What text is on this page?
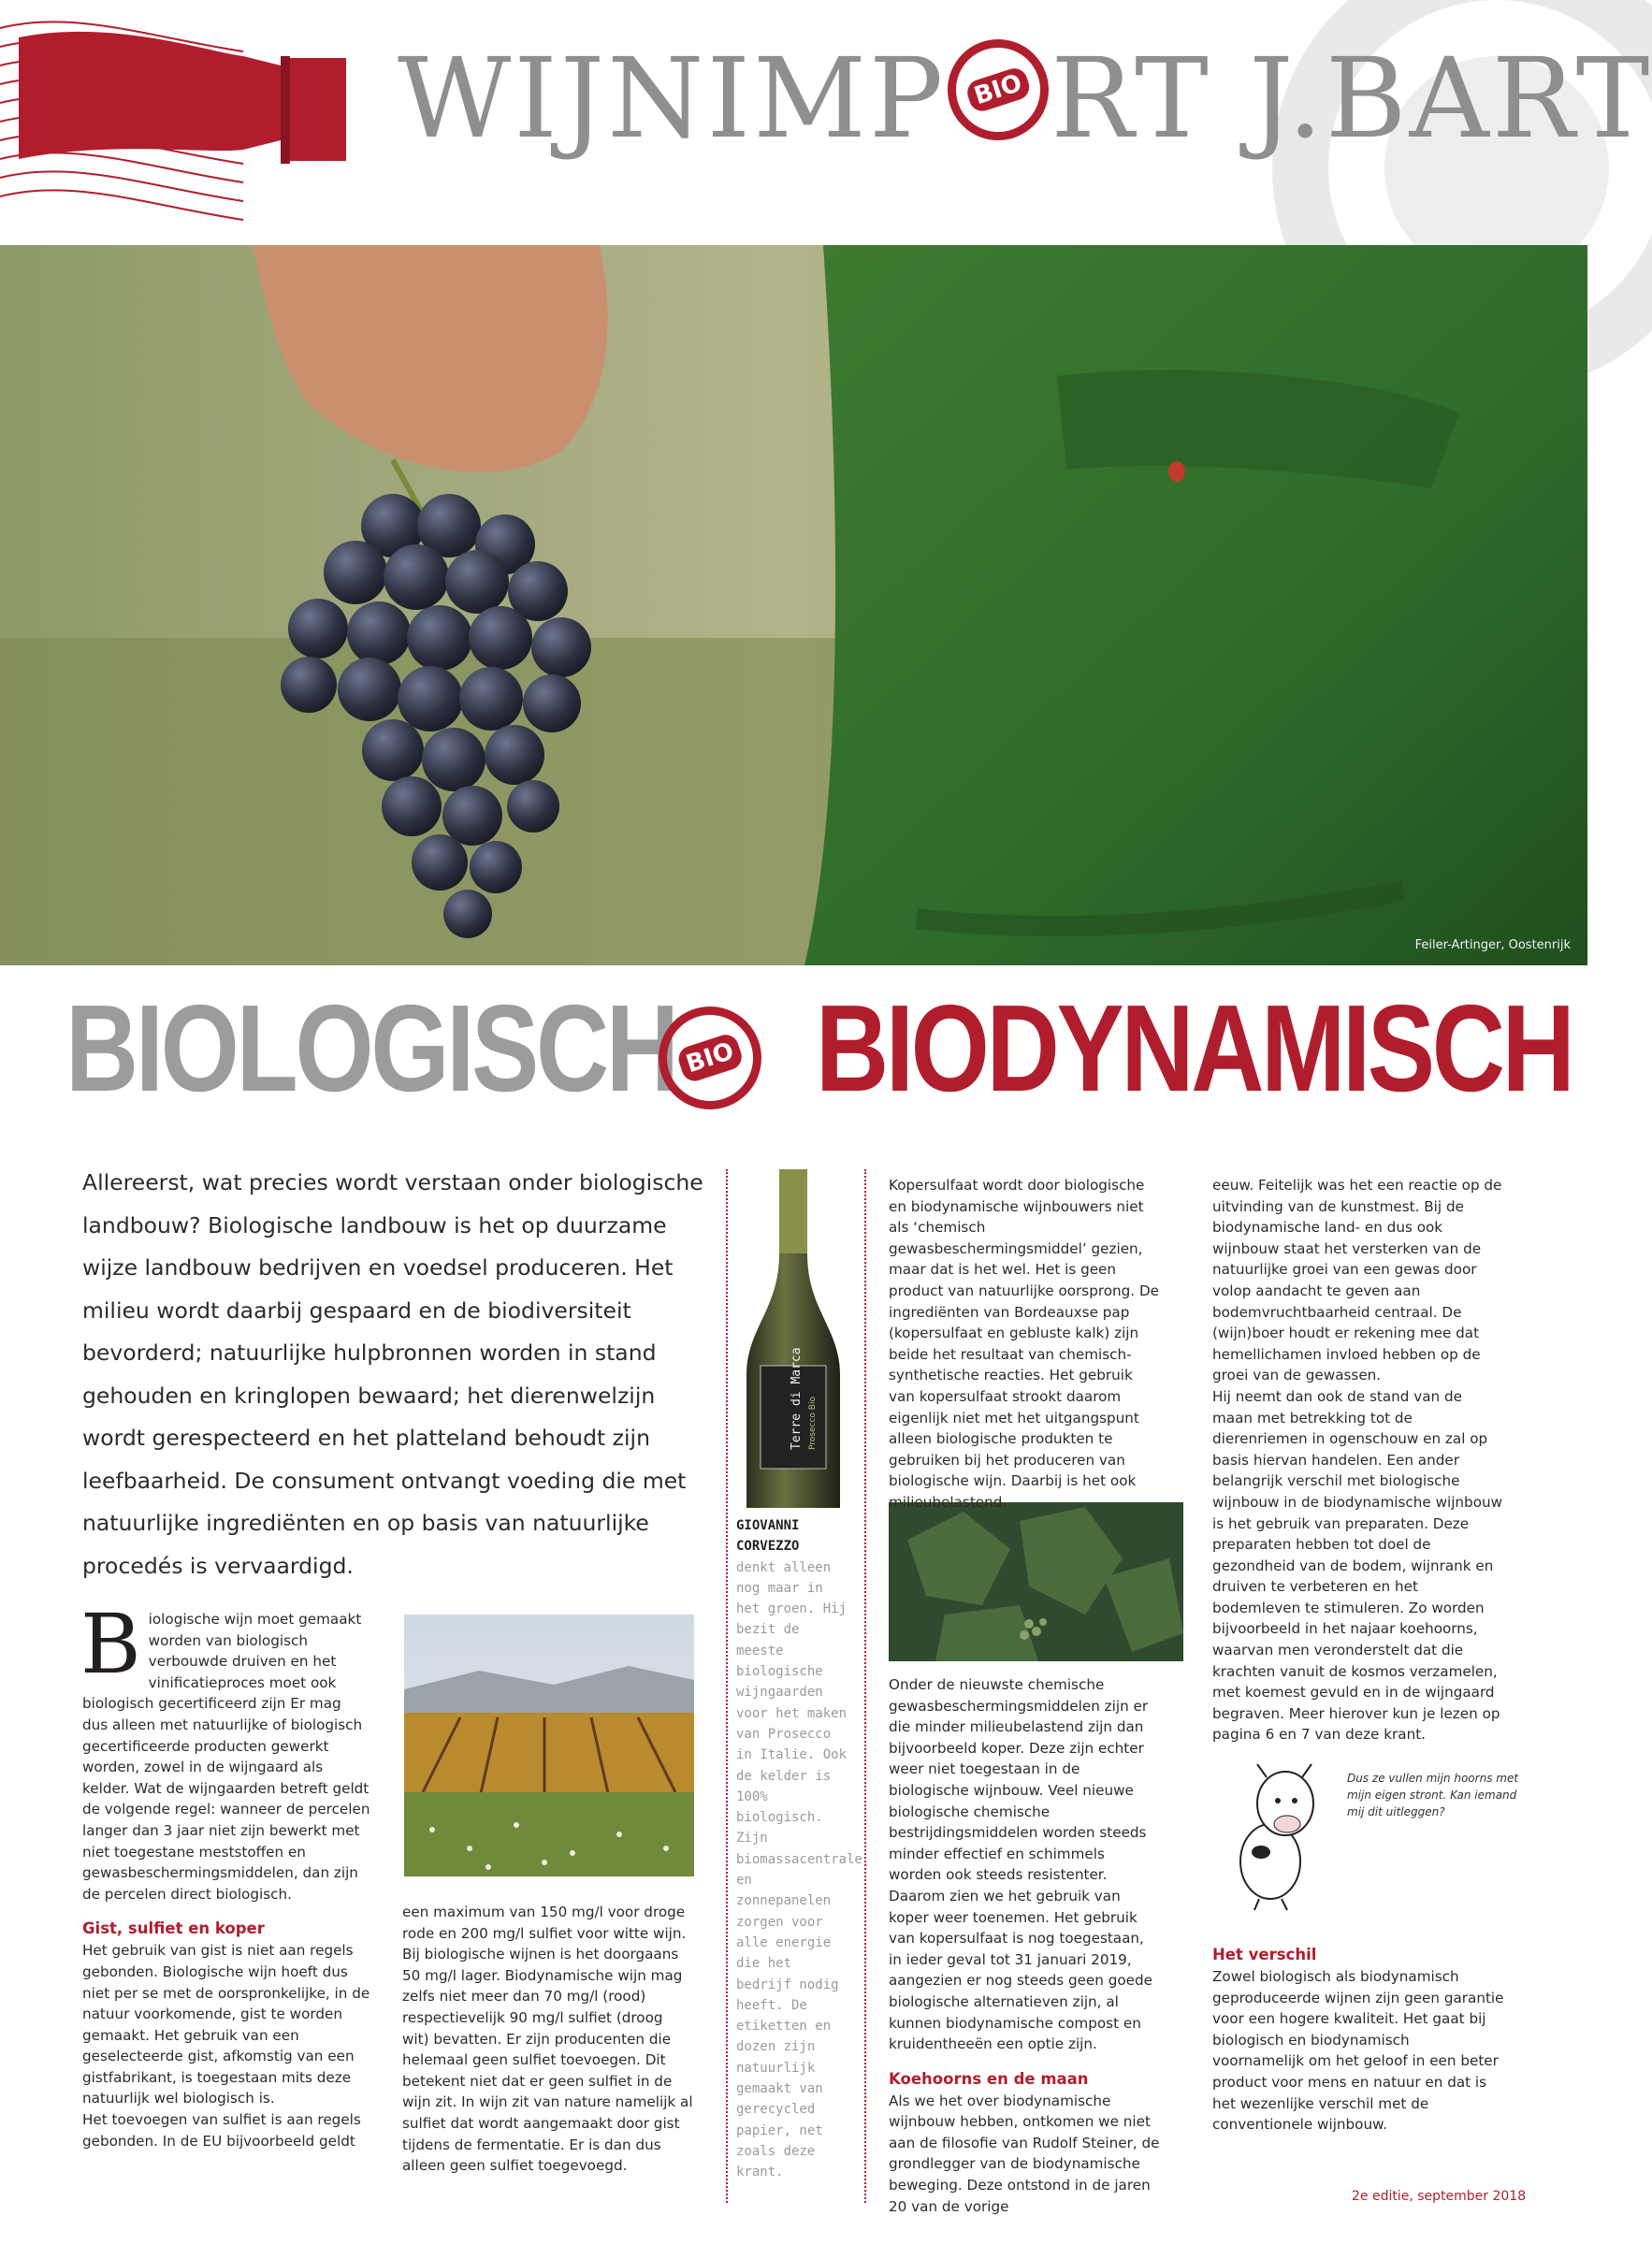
WIJNIMP BIO RT J.BART
Feiler-Artinger, Oostenrijk
BIOLOGISCH BIO BIODYNAMISCH
Allereerst, wat precies wordt verstaan onder biologische landbouw? Biologische landbouw is het op duurzame wijze landbouw bedrijven en voedsel produceren. Het milieu wordt daarbij gespaard en de biodiversiteit bevorderd; natuurlijke hulpbronnen worden in stand gehouden en kringlopen bewaard; het dierenwelzijn wordt gerespecteerd en het platteland behoudt zijn leefbaarheid. De consument ontvangt voeding die met natuurlijke ingrediënten en op basis van natuurlijke procedés is vervaardigd.
Terre di Marca Prosecco Bio
Dus ze vullen mijn hoorns met mijn eigen stront. Kan iemand mij dit uitleggen?
B iologische wijn moet gemaakt worden van biologisch verbouwde druiven en het vinificatieproces moet ook biologisch gecertificeerd zijn Er mag dus alleen met natuurlijke of biologisch gecertificeerde producten gewerkt worden, zowel in de wijngaard als kelder. Wat de wijngaarden betreft geldt de volgende regel: wanneer de percelen langer dan 3 jaar niet zijn bewerkt met niet toegestane meststoffen en gewasbeschermingsmiddelen, dan zijn de percelen direct biologisch.
Gist, sulfiet en koper
Het gebruik van gist is niet aan regels gebonden. Biologische wijn hoeft dus niet per se met de oorspronkelijke, in de natuur voorkomende, gist te worden gemaakt. Het gebruik van een geselecteerde gist, afkomstig van een gistfabrikant, is toegestaan mits deze natuurlijk wel biologisch is.
Het toevoegen van sulfiet is aan regels gebonden. In de EU bijvoorbeeld geldt
een maximum van 150 mg/l voor droge rode en 200 mg/l sulfiet voor witte wijn. Bij biologische wijnen is het doorgaans 50 mg/l lager. Biodynamische wijn mag zelfs niet meer dan 70 mg/l (rood) respectievelijk 90 mg/l sulfiet (droog wit) bevatten. Er zijn producenten die helemaal geen sulfiet toevoegen. Dit betekent niet dat er geen sulfiet in de wijn zit. In wijn zit van nature namelijk al sulfiet dat wordt aangemaakt door gist tijdens de fermentatie. Er is dan dus alleen geen sulfiet toegevoegd.
GIOVANNI CORVEZZO
denkt alleen nog maar in het groen. Hij bezit de meeste biologische wijngaarden voor het maken van Prosecco in Italie. Ook de kelder is 100% biologisch. Zijn biomassacentrale en zonnepanelen zorgen voor alle energie die het bedrijf nodig heeft. De etiketten en dozen zijn natuurlijk gemaakt van gerecycled papier, net zoals deze krant.
Kopersulfaat wordt door biologische en biodynamische wijnbouwers niet als ‘chemisch gewasbeschermingsmiddel’ gezien, maar dat is het wel. Het is geen product van natuurlijke oorsprong. De ingrediënten van Bordeauxse pap (kopersulfaat en gebluste kalk) zijn beide het resultaat van chemisch-synthetische reacties. Het gebruik van kopersulfaat strookt daarom eigenlijk niet met het uitgangspunt alleen biologische produkten te gebruiken bij het produceren van biologische wijn. Daarbij is het ook milieubelastend.
Onder de nieuwste chemische gewasbeschermingsmiddelen zijn er die minder milieubelastend zijn dan bijvoorbeeld koper. Deze zijn echter weer niet toegestaan in de biologische wijnbouw. Veel nieuwe biologische chemische bestrijdingsmiddelen worden steeds minder effectief en schimmels worden ook steeds resistenter. Daarom zien we het gebruik van koper weer toenemen. Het gebruik van kopersulfaat is nog toegestaan, in ieder geval tot 31 januari 2019, aangezien er nog steeds geen goede biologische alternatieven zijn, al kunnen biodynamische compost en kruidentheeën een optie zijn.
Koehoorns en de maan
Als we het over biodynamische wijnbouw hebben, ontkomen we niet aan de filosofie van Rudolf Steiner, de grondlegger van de biodynamische beweging. Deze ontstond in de jaren 20 van de vorige
eeuw. Feitelijk was het een reactie op de uitvinding van de kunstmest. Bij de biodynamische land- en dus ook wijnbouw staat het versterken van de natuurlijke groei van een gewas door volop aandacht te geven aan bodemvruchtbaarheid centraal. De (wijn)boer houdt er rekening mee dat hemellichamen invloed hebben op de groei van de gewassen.
Hij neemt dan ook de stand van de maan met betrekking tot de dierenriemen in ogenschouw en zal op basis hiervan handelen. Een ander belangrijk verschil met biologische wijnbouw in de biodynamische wijnbouw is het gebruik van preparaten. Deze preparaten hebben tot doel de gezondheid van de bodem, wijnrank en druiven te verbeteren en het bodemleven te stimuleren. Zo worden bijvoorbeeld in het najaar koehoorns, waarvan men veronderstelt dat die krachten vanuit de kosmos verzamelen, met koemest gevuld en in de wijngaard begraven. Meer hierover kun je lezen op pagina 6 en 7 van deze krant.
Het verschil
Zowel biologisch als biodynamisch geproduceerde wijnen zijn geen garantie voor een hogere kwaliteit. Het gaat bij biologisch en biodynamisch voornamelijk om het geloof in een beter product voor mens en natuur en dat is het wezenlijke verschil met de conventionele wijnbouw.
2e editie, september 2018
